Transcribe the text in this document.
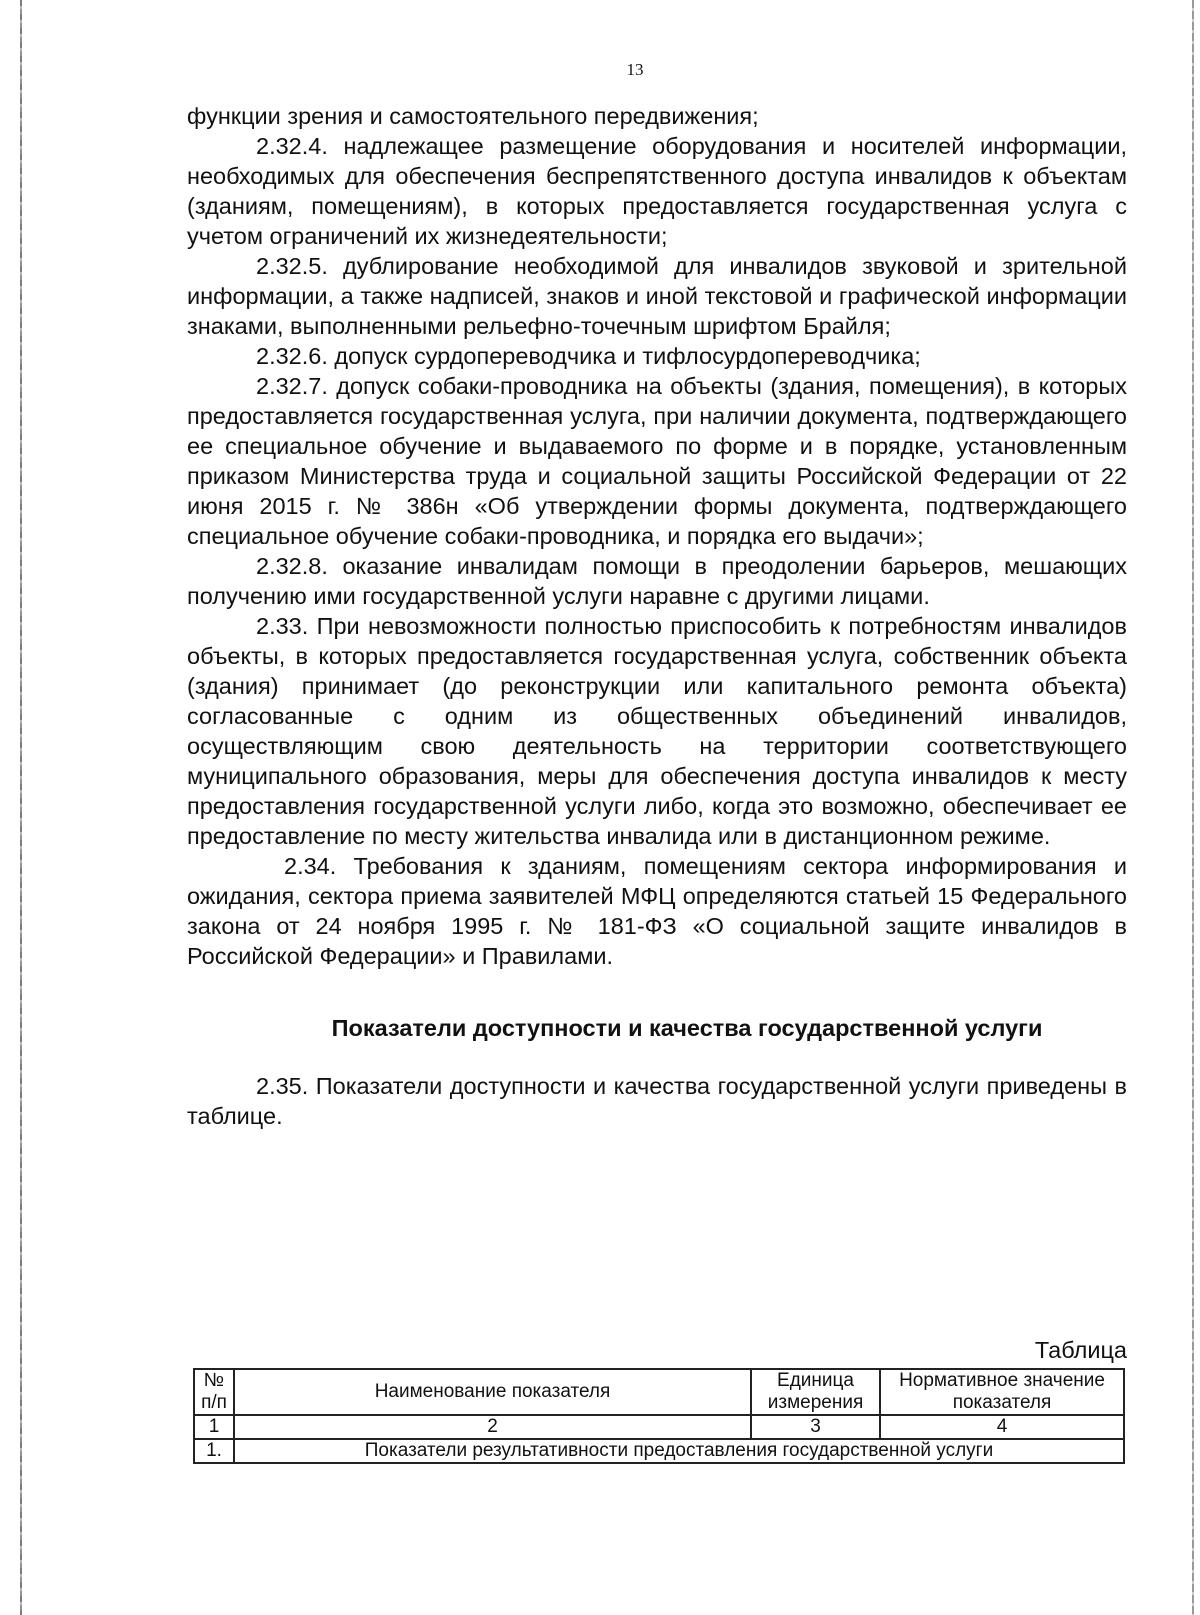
13

функции зрения и самостоятельного передвижения;

2.32.4. надлежащее размещение оборудования и носителей информации, необходимых для обеспечения беспрепятственного доступа инвалидов к объектам (зданиям, помещениям), в которых предоставляется государственная услуга с учетом ограничений их жизнедеятельности;

2.32.5. дублирование необходимой для инвалидов звуковой и зрительной информации, а также надписей, знаков и иной текстовой и графической информации знаками, выполненными рельефно-точечным шрифтом Брайля;

2.32.6. допуск сурдопереводчика и тифлосурдопереводчика;

2.32.7. допуск собаки-проводника на объекты (здания, помещения), в которых предоставляется государственная услуга, при наличии документа, подтверждающего ее специальное обучение и выдаваемого по форме и в порядке, установленным приказом Министерства труда и социальной защиты Российской Федерации от 22 июня 2015 г. № 386н «Об утверждении формы документа, подтверждающего специальное обучение собаки-проводника, и порядка его выдачи»;

2.32.8. оказание инвалидам помощи в преодолении барьеров, мешающих получению ими государственной услуги наравне с другими лицами.

2.33. При невозможности полностью приспособить к потребностям инвалидов объекты, в которых предоставляется государственная услуга, собственник объекта (здания) принимает (до реконструкции или капитального ремонта объекта) согласованные с одним из общественных объединений инвалидов, осуществляющим свою деятельность на территории соответствующего муниципального образования, меры для обеспечения доступа инвалидов к месту предоставления государственной услуги либо, когда это возможно, обеспечивает ее предоставление по месту жительства инвалида или в дистанционном режиме.

2.34. Требования к зданиям, помещениям сектора информирования и ожидания, сектора приема заявителей МФЦ определяются статьей 15 Федерального закона от 24 ноября 1995 г. № 181-ФЗ «О социальной защите инвалидов в Российской Федерации» и Правилами.

Показатели доступности и качества государственной услуги

2.35. Показатели доступности и качества государственной услуги приведены в таблице.

Таблица
№ п/п	Наименование показателя	Единица измерения	Нормативное значение показателя
1	2	3	4
1.	Показатели результативности предоставления государственной услуги		
